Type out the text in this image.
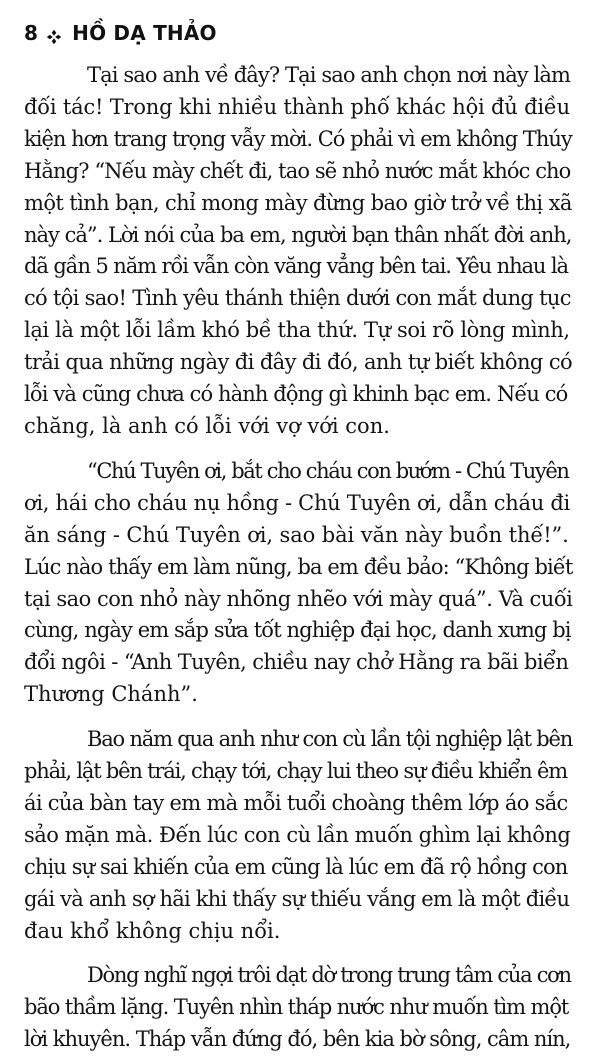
8 HỒ DẠ THẢO
Tại sao anh về đây? Tại sao anh chọn nơi này làm
đối tác! Trong khi nhiều thành phố khác hội đủ điều
kiện hơn trang trọng vẫy mời. Có phải vì em không Thúy
Hằng? “Nếu mày chết đi, tao sẽ nhỏ nước mắt khóc cho
một tình bạn, chỉ mong mày đừng bao giờ trở về thị xã
này cả”. Lời nói của ba em, người bạn thân nhất đời anh,
dã gần 5 năm rồi vẫn còn văng vẳng bên tai. Yêu nhau là
có tội sao! Tình yêu thánh thiện dưới con mắt dung tục
lại là một lỗi lầm khó bề tha thứ. Tự soi rõ lòng mình,
trải qua những ngày đi đây đi đó, anh tự biết không có
lỗi và cũng chưa có hành động gì khinh bạc em. Nếu có
chăng, là anh có lỗi với vợ với con.
“Chú Tuyên ơi, bắt cho cháu con bướm - Chú Tuyên
ơi, hái cho cháu nụ hồng - Chú Tuyên ơi, dẫn cháu đi
ăn sáng - Chú Tuyên ơi, sao bài văn này buồn thế!”.
Lúc nào thấy em làm nũng, ba em đều bảo: “Không biết
tại sao con nhỏ này nhõng nhẽo với mày quá”. Và cuối
cùng, ngày em sắp sửa tốt nghiệp đại học, danh xưng bị
đổi ngôi - “Anh Tuyên, chiều nay chở Hằng ra bãi biển
Thương Chánh”.
Bao năm qua anh như con cù lần tội nghiệp lật bên
phải, lật bên trái, chạy tới, chạy lui theo sự điều khiển êm
ái của bàn tay em mà mỗi tuổi choàng thêm lớp áo sắc
sảo mặn mà. Đến lúc con cù lần muốn ghìm lại không
chịu sự sai khiến của em cũng là lúc em đã rộ hồng con
gái và anh sợ hãi khi thấy sự thiếu vắng em là một điều
đau khổ không chịu nổi.
Dòng nghĩ ngợi trôi dạt dờ trong trung tâm của cơn
bão thầm lặng. Tuyên nhìn tháp nước như muốn tìm một
lời khuyên. Tháp vẫn đứng đó, bên kia bờ sông, câm nín,
